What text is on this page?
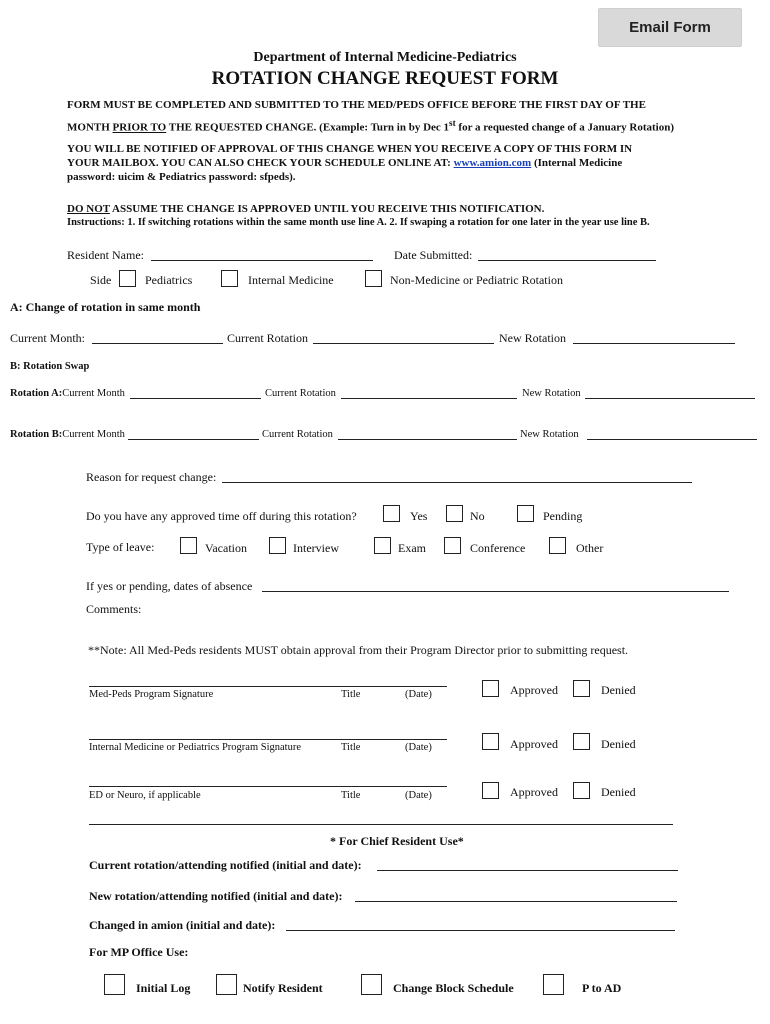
Email Form
Department of Internal Medicine-Pediatrics
ROTATION CHANGE REQUEST FORM
FORM MUST BE COMPLETED AND SUBMITTED TO THE MED/PEDS OFFICE BEFORE THE FIRST DAY OF THE
MONTH PRIOR TO THE REQUESTED CHANGE. (Example: Turn in by Dec 1st for a requested change of a January Rotation)
YOU WILL BE NOTIFIED OF APPROVAL OF THIS CHANGE WHEN YOU RECEIVE A COPY OF THIS FORM IN
YOUR MAILBOX. YOU CAN ALSO CHECK YOUR SCHEDULE ONLINE AT: www.amion.com (Internal Medicine
password: uicim & Pediatrics password: sfpeds).
DO NOT ASSUME THE CHANGE IS APPROVED UNTIL YOU RECEIVE THIS NOTIFICATION.
Instructions: 1. If switching rotations within the same month use line A. 2. If swaping a rotation for one later in the year use line B.
Resident Name:	Date Submitted:
Side	Pediatrics	Internal Medicine	Non-Medicine or Pediatric Rotation
A: Change of rotation in same month
Current Month:	Current Rotation	New Rotation
B: Rotation Swap
Rotation A:Current Month	Current Rotation	New Rotation
Rotation B:Current Month	Current Rotation	New Rotation
Reason for request change:
Do you have any approved time off during this rotation?	Yes	No	Pending
Type of leave:	Vacation	Interview	Exam	Conference	Other
If yes or pending, dates of absence
Comments:
**Note: All Med-Peds residents MUST obtain approval from their Program Director prior to submitting request.
Med-Peds Program Signature	Title	(Date)	Approved	Denied
Internal Medicine or Pediatrics Program Signature	Title	(Date)	Approved	Denied
ED or Neuro, if applicable	Title	(Date)	Approved	Denied
* For Chief Resident Use*
Current rotation/attending notified (initial and date):
New rotation/attending notified (initial and date):
Changed in amion (initial and date):
For MP Office Use:
Initial Log	Notify Resident	Change Block Schedule	P to AD
